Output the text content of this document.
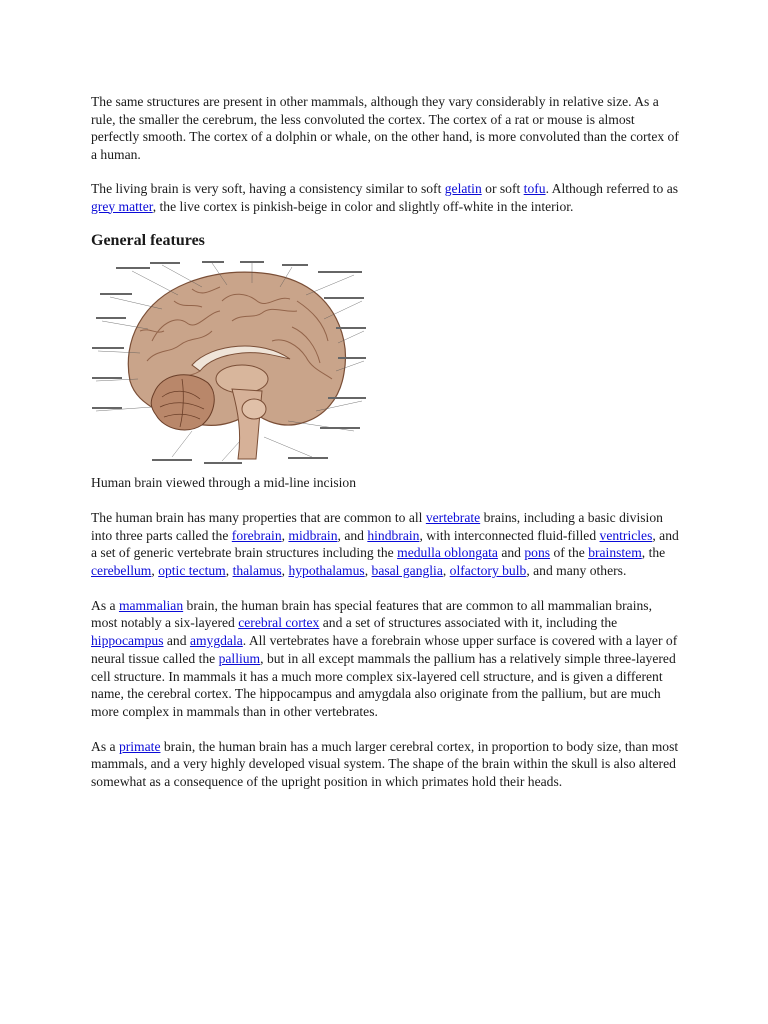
The same structures are present in other mammals, although they vary considerably in relative size. As a rule, the smaller the cerebrum, the less convoluted the cortex. The cortex of a rat or mouse is almost perfectly smooth. The cortex of a dolphin or whale, on the other hand, is more convoluted than the cortex of a human.

The living brain is very soft, having a consistency similar to soft gelatin or soft tofu. Although referred to as grey matter, the live cortex is pinkish-beige in color and slightly off-white in the interior.

General features

Human brain viewed through a mid-line incision

The human brain has many properties that are common to all vertebrate brains, including a basic division into three parts called the forebrain, midbrain, and hindbrain, with interconnected fluid-filled ventricles, and a set of generic vertebrate brain structures including the medulla oblongata and pons of the brainstem, the cerebellum, optic tectum, thalamus, hypothalamus, basal ganglia, olfactory bulb, and many others.

As a mammalian brain, the human brain has special features that are common to all mammalian brains, most notably a six-layered cerebral cortex and a set of structures associated with it, including the hippocampus and amygdala. All vertebrates have a forebrain whose upper surface is covered with a layer of neural tissue called the pallium, but in all except mammals the pallium has a relatively simple three-layered cell structure. In mammals it has a much more complex six-layered cell structure, and is given a different name, the cerebral cortex. The hippocampus and amygdala also originate from the pallium, but are much more complex in mammals than in other vertebrates.

As a primate brain, the human brain has a much larger cerebral cortex, in proportion to body size, than most mammals, and a very highly developed visual system. The shape of the brain within the skull is also altered somewhat as a consequence of the upright position in which primates hold their heads.
